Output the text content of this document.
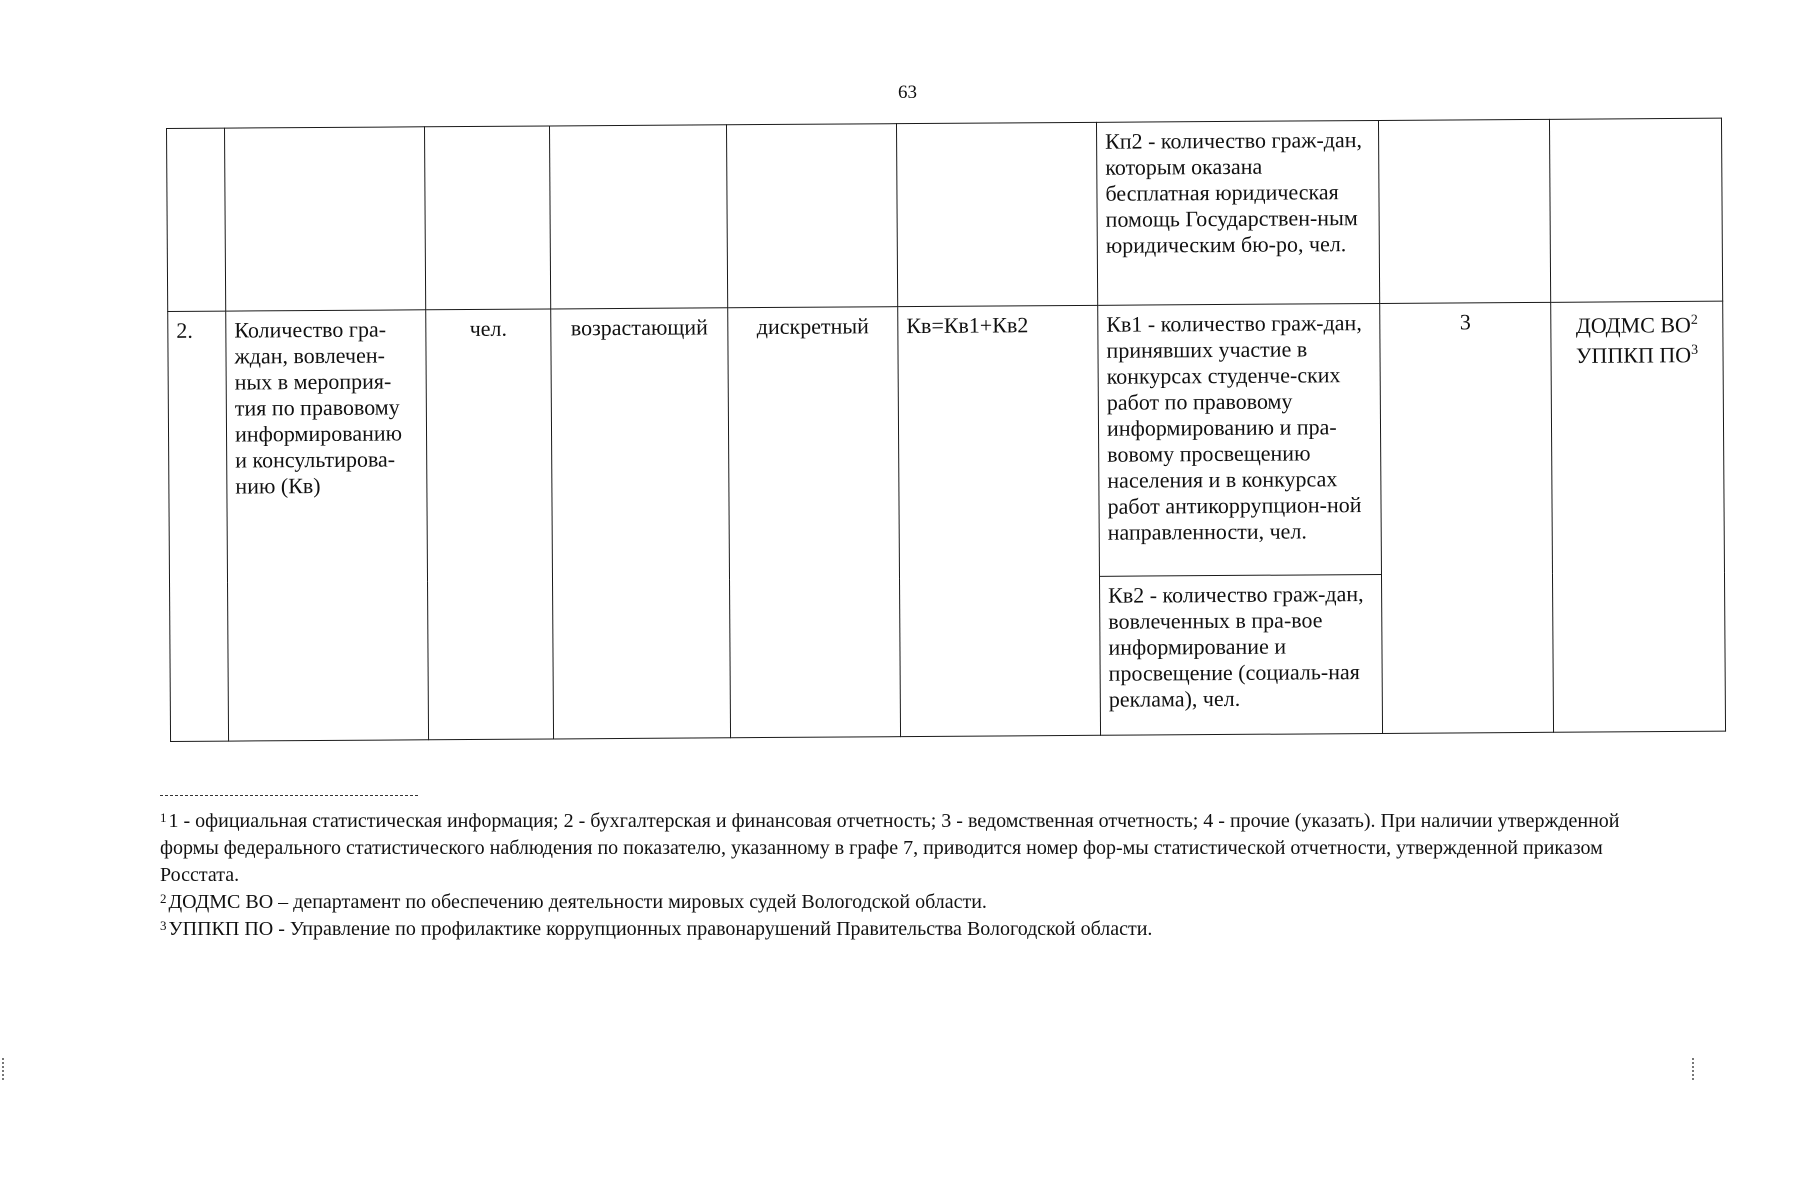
63
						Кп2 - количество граж-дан, которым оказана бесплатная юридическая помощь Государствен-ным юридическим бю-ро, чел.		
2.	Количество гра-ждан, вовлечен-ных в мероприя-тия по правовому информированию и консультирова-нию (Кв)	чел.	возрастающий	дискретный	Кв=Кв1+Кв2	Кв1 - количество граж-дан, принявших участие в конкурсах студенче-ских работ по правовому информированию и пра-вовому просвещению населения и в конкурсах работ антикоррупцион-ной направленности, чел.	3	ДОДМС $ВО^2$
УППКП $ПО^3$

						Кв2 - количество граж-дан, вовлеченных в пра-вое информирование и просвещение (социаль-ная реклама), чел.		

$^1$ 1 - официальная статистическая информация; 2 - бухгалтерская и финансовая отчетность; 3 - ведомственная отчетность; 4 - прочие (указать). При наличии утвержденной формы федерального статистического наблюдения по показателю, указанному в графе 7, приводится номер фор-мы статистической отчетности, утвержденной приказом Росстата.

$^2$ ДОДМС ВО – департамент по обеспечению деятельности мировых судей Вологодской области.

$^3$ УППКП ПО - Управление по профилактике коррупционных правонарушений Правительства Вологодской области.
